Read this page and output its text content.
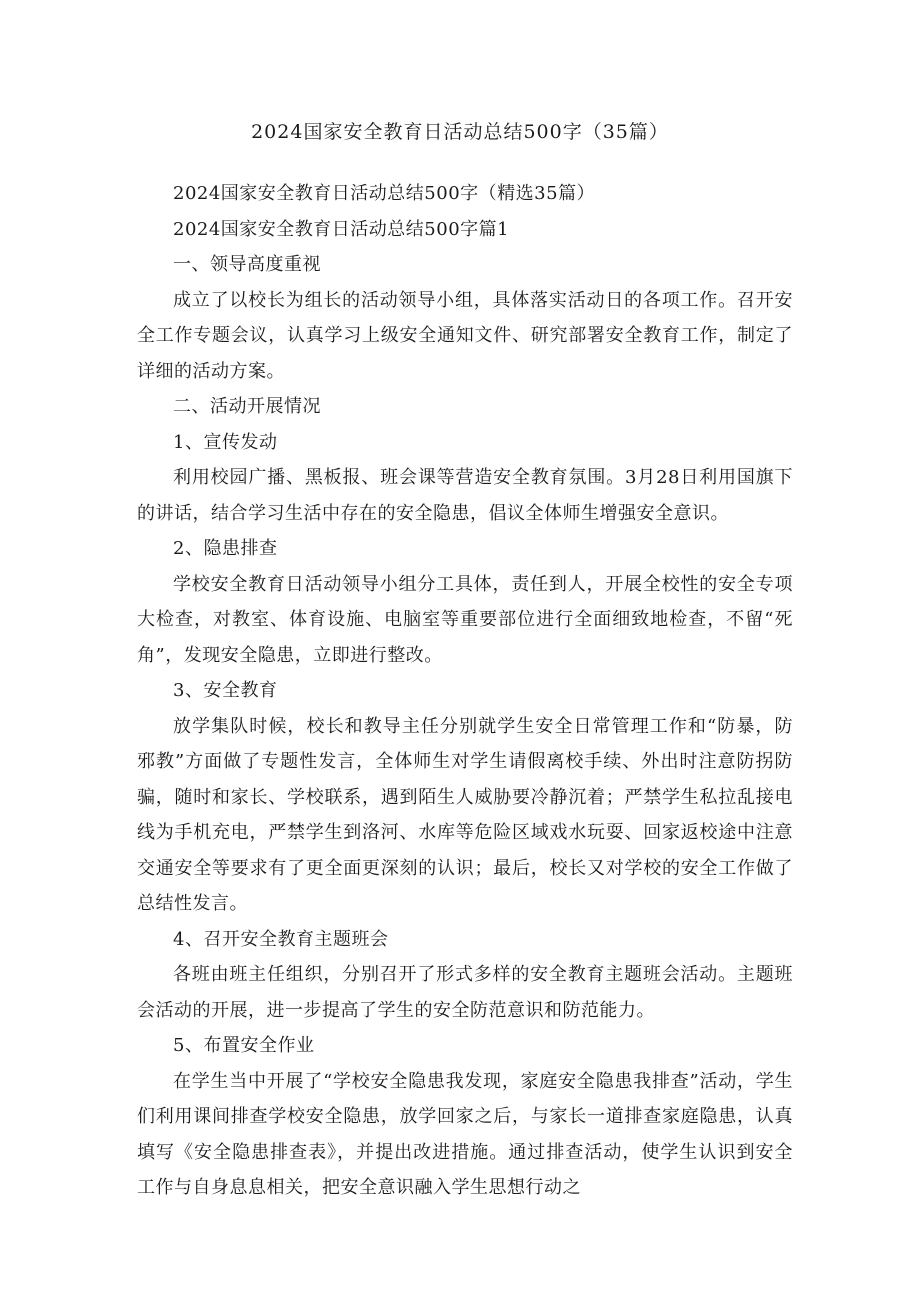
2024国家安全教育日活动总结500字（35篇）

2024国家安全教育日活动总结500字（精选35篇）

2024国家安全教育日活动总结500字篇1

一、领导高度重视

成立了以校长为组长的活动领导小组，具体落实活动日的各项工作。召开安全工作专题会议，认真学习上级安全通知文件、研究部署安全教育工作，制定了详细的活动方案。

二、活动开展情况

1、宣传发动

利用校园广播、黑板报、班会课等营造安全教育氛围。3月28日利用国旗下的讲话，结合学习生活中存在的安全隐患，倡议全体师生增强安全意识。

2、隐患排查

学校安全教育日活动领导小组分工具体，责任到人，开展全校性的安全专项大检查，对教室、体育设施、电脑室等重要部位进行全面细致地检查，不留“死角”，发现安全隐患，立即进行整改。

3、安全教育

放学集队时候，校长和教导主任分别就学生安全日常管理工作和“防暴，防邪教”方面做了专题性发言，全体师生对学生请假离校手续、外出时注意防拐防骗，随时和家长、学校联系，遇到陌生人威胁要冷静沉着；严禁学生私拉乱接电线为手机充电，严禁学生到洛河、水库等危险区域戏水玩耍、回家返校途中注意交通安全等要求有了更全面更深刻的认识；最后，校长又对学校的安全工作做了总结性发言。

4、召开安全教育主题班会

各班由班主任组织，分别召开了形式多样的安全教育主题班会活动。主题班会活动的开展，进一步提高了学生的安全防范意识和防范能力。

5、布置安全作业

在学生当中开展了“学校安全隐患我发现，家庭安全隐患我排查”活动，学生们利用课间排查学校安全隐患，放学回家之后，与家长一道排查家庭隐患，认真填写《安全隐患排查表》，并提出改进措施。通过排查活动，使学生认识到安全工作与自身息息相关，把安全意识融入学生思想行动之
